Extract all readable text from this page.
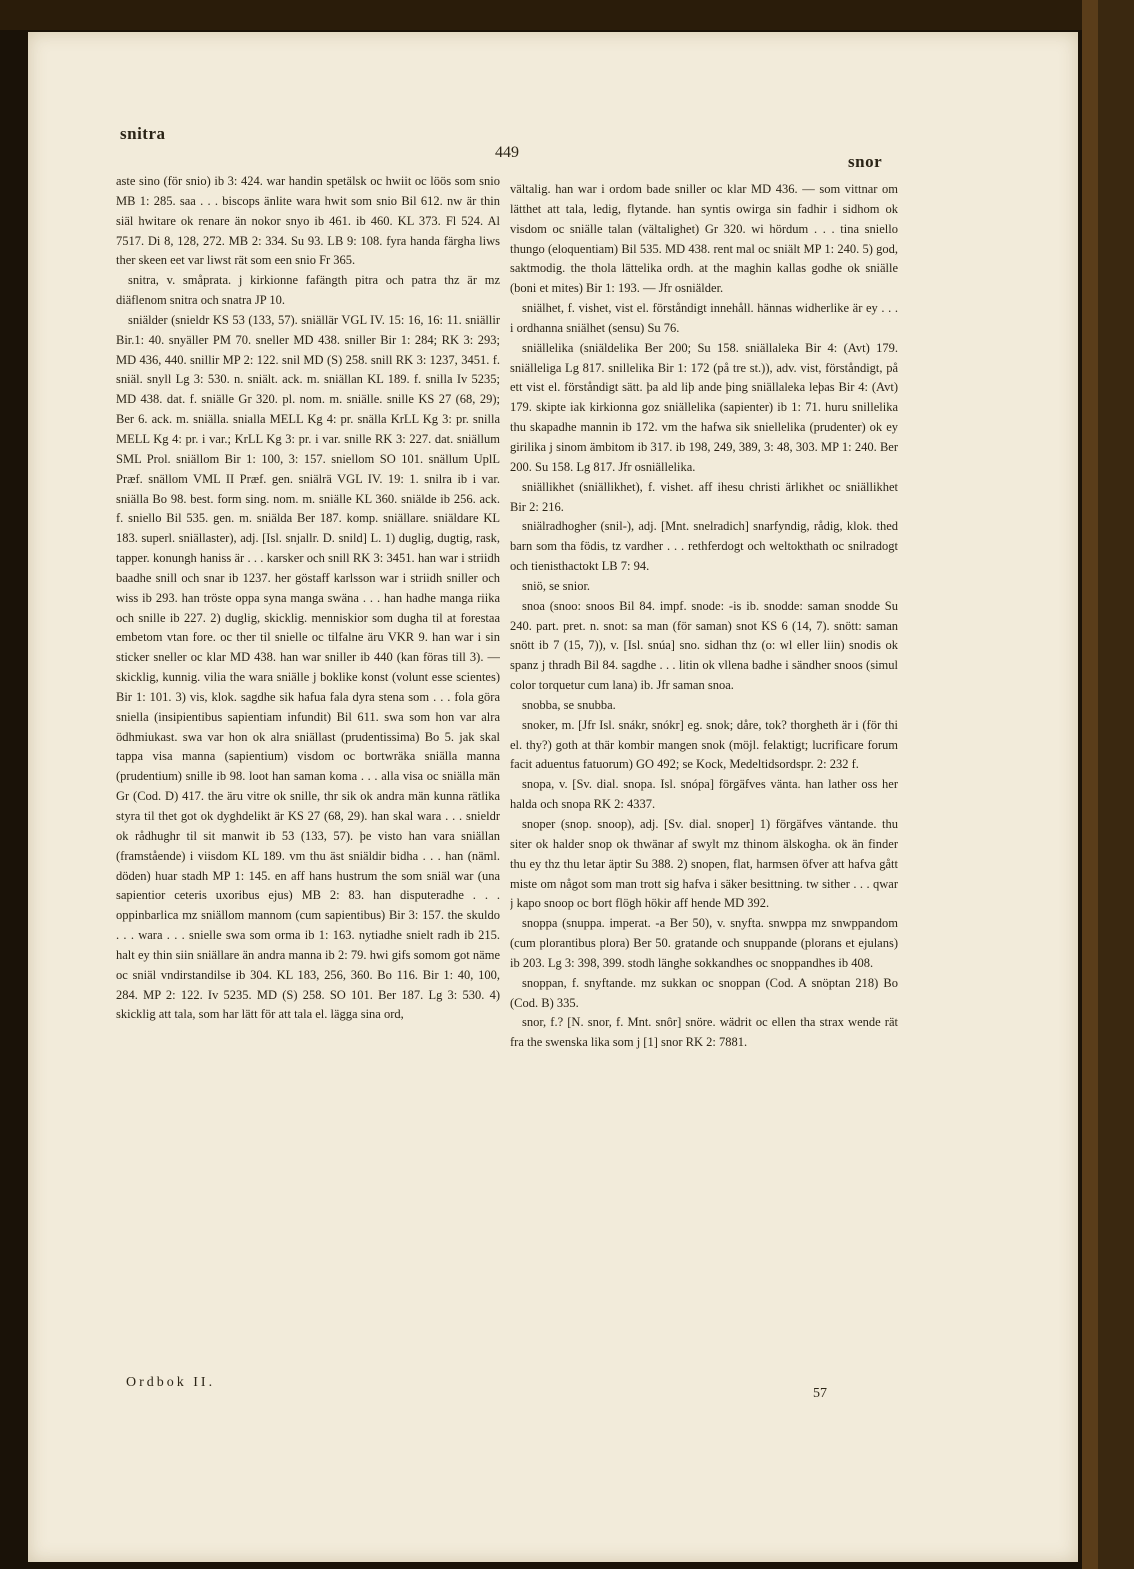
snitra
449	snor

aste sino (för snio) ib 3: 424. war handin spetälsk oc hwiit oc löös som snio MB 1: 285. saa . . . biscops änlite wara hwit som snio Bil 612. nw är thin siäl hwitare ok renare än nokor snyo ib 461. ib 460. KL 373. Fl 524. Al 7517. Di 8, 128, 272. MB 2: 334. Su 93. LB 9: 108. fyra handa färgha liws ther skeen eet var liwst rät som een snio Fr 365.

snitra, v. småprata. j kirkionne fafängth pitra och patra thz är mz diäflenom snitra och snatra JP 10.

sniälder (snieldr KS 53 (133, 57). sniällär VGL IV. 15: 16, 16: 11. sniällir Bir.1: 40. snyäller PM 70. sneller MD 438. sniller Bir 1: 284; RK 3: 293; MD 436, 440. snillir MP 2: 122. snil MD (S) 258. snill RK 3: 1237, 3451. f. sniäl. snyll Lg 3: 530. n. sniält. ack. m. sniällan KL 189. f. snilla Iv 5235; MD 438. dat. f. sniälle Gr 320. pl. nom. m. sniälle. snille KS 27 (68, 29); Ber 6. ack. m. sniälla. snialla MELL Kg 4: pr. snälla KrLL Kg 3: pr. snilla MELL Kg 4: pr. i var.; KrLL Kg 3: pr. i var. snille RK 3: 227. dat. sniällum SML Prol. sniällom Bir 1: 100, 3: 157. sniellom SO 101. snällum UplL Præf. snällom VML II Præf. gen. sniälrä VGL IV. 19: 1. snilra ib i var. sniälla Bo 98. best. form sing. nom. m. sniälle KL 360. sniälde ib 256. ack. f. sniello Bil 535. gen. m. sniälda Ber 187. komp. sniällare. sniäldare KL 183. superl. sniällaster), adj. [Isl. snjallr. D. snild] L. 1) duglig, dugtig, rask, tapper. konungh haniss är . . . karsker och snill RK 3: 3451. han war i striidh baadhe snill och snar ib 1237. her göstaff karlsson war i striidh sniller och wiss ib 293. han tröste oppa syna manga swäna . . . han hadhe manga riika och snille ib 227. 2) duglig, skicklig. menniskior som dugha til at forestaa embetom vtan fore. oc ther til snielle oc tilfalne äru VKR 9. han war i sin sticker sneller oc klar MD 438. han war sniller ib 440 (kan föras till 3). — skicklig, kunnig. vilia the wara sniälle j boklike konst (volunt esse scientes) Bir 1: 101. 3) vis, klok. sagdhe sik hafua fala dyra stena som . . . fola göra sniella (insipientibus sapientiam infundit) Bil 611. swa som hon var alra ödhmiukast. swa var hon ok alra sniällast (prudentissima) Bo 5. jak skal tappa visa manna (sapientium) visdom oc bortwräka sniälla manna (prudentium) snille ib 98. loot han saman koma . . . alla visa oc sniälla män Gr (Cod. D) 417. the äru vitre ok snille, thr sik ok andra män kunna rätlika styra til thet got ok dyghdelikt är KS 27 (68, 29). han skal wara . . . snieldr ok rådhughr til sit manwit ib 53 (133, 57). þe visto han vara sniällan (framstående) i viisdom KL 189. vm thu äst sniäldir bidha . . . han (näml. döden) huar stadh MP 1: 145. en aff hans hustrum the som sniäl war (una sapientior ceteris uxoribus ejus) MB 2: 83. han disputeradhe . . . oppinbarlica mz sniällom mannom (cum sapientibus) Bir 3: 157. the skuldo . . . wara . . . snielle swa som orma ib 1: 163. nytiadhe snielt radh ib 215. halt ey thin siin sniällare än andra manna ib 2: 79. hwi gifs somom got näme oc sniäl vndirstandilse ib 304. KL 183, 256, 360. Bo 116. Bir 1: 40, 100, 284. MP 2: 122. Iv 5235. MD (S) 258. SO 101. Ber 187. Lg 3: 530. 4) skicklig att tala, som har lätt för att tala el. lägga sina ord,

vältalig. han war i ordom bade sniller oc klar MD 436. — som vittnar om lätthet att tala, ledig, flytande. han syntis owirga sin fadhir i sidhom ok visdom oc sniälle talan (vältalighet) Gr 320. wi hördum . . . tina sniello thungo (eloquentiam) Bil 535. MD 438. rent mal oc sniält MP 1: 240. 5) god, saktmodig. the thola lättelika ordh. at the maghin kallas godhe ok sniälle (boni et mites) Bir 1: 193. — Jfr osniälder.

sniälhet, f. vishet, vist el. förståndigt innehåll. hännas widherlike är ey . . . i ordhanna sniälhet (sensu) Su 76.

sniällelika (sniäldelika Ber 200; Su 158. sniällaleka Bir 4: (Avt) 179. sniälleliga Lg 817. snillelika Bir 1: 172 (på tre st.)), adv. vist, förståndigt, på ett vist el. förståndigt sätt. þa ald liþ ande þing sniällaleka leþas Bir 4: (Avt) 179. skipte iak kirkionna goz sniällelika (sapienter) ib 1: 71. huru snillelika thu skapadhe mannin ib 172. vm the hafwa sik sniellelika (prudenter) ok ey girilika j sinom ämbitom ib 317. ib 198, 249, 389, 3: 48, 303. MP 1: 240. Ber 200. Su 158. Lg 817. Jfr osniällelika.

sniällikhet (sniällikhet), f. vishet. aff ihesu christi ärlikhet oc sniällikhet Bir 2: 216.

sniälradhogher (snil-), adj. [Mnt. snelradich] snarfyndig, rådig, klok. thed barn som tha födis, tz vardher . . . rethferdogt och weltokthath oc snilradogt och tienisthactokt LB 7: 94.

sniö, se snior.

snoa (snoo: snoos Bil 84. impf. snode: -is ib. snodde: saman snodde Su 240. part. pret. n. snot: sa man (för saman) snot KS 6 (14, 7). snött: saman snött ib 7 (15, 7)), v. [Isl. snúa] sno. sidhan thz (o: wl eller liin) snodis ok spanz j thradh Bil 84. sagdhe . . . litin ok vllena badhe i sändher snoos (simul color torquetur cum lana) ib. Jfr saman snoa.

snobba, se snubba.

snoker, m. [Jfr Isl. snákr, snókr] eg. snok; dåre, tok? thorgheth är i (för thi el. thy?) goth at thär kombir mangen snok (möjl. felaktigt; lucrificare forum facit aduentus fatuorum) GO 492; se Kock, Medeltidsordspr. 2: 232 f.

snopa, v. [Sv. dial. snopa. Isl. snópa] förgäfves vänta. han lather oss her halda och snopa RK 2: 4337.

snoper (snop. snoop), adj. [Sv. dial. snoper] 1) förgäfves väntande. thu siter ok halder snop ok thwänar af swylt mz thinom älskogha. ok än finder thu ey thz thu letar äptir Su 388. 2) snopen, flat, harmsen öfver att hafva gått miste om något som man trott sig hafva i säker besittning. tw sither . . . qwar j kapo snoop oc bort flögh hökir aff hende MD 392.

snoppa (snuppa. imperat. -a Ber 50), v. snyfta. snwppa mz snwppandom (cum plorantibus plora) Ber 50. gratande och snuppande (plorans et ejulans) ib 203. Lg 3: 398, 399. stodh länghe sokkandhes oc snoppandhes ib 408.

snoppan, f. snyftande. mz sukkan oc snoppan (Cod. A snöptan 218) Bo (Cod. B) 335.

snor, f.? [N. snor, f. Mnt. snôr] snöre. wädrit oc ellen tha strax wende rät fra the swenska lika som j [1] snor RK 2: 7881.

Ordbok II.
57
